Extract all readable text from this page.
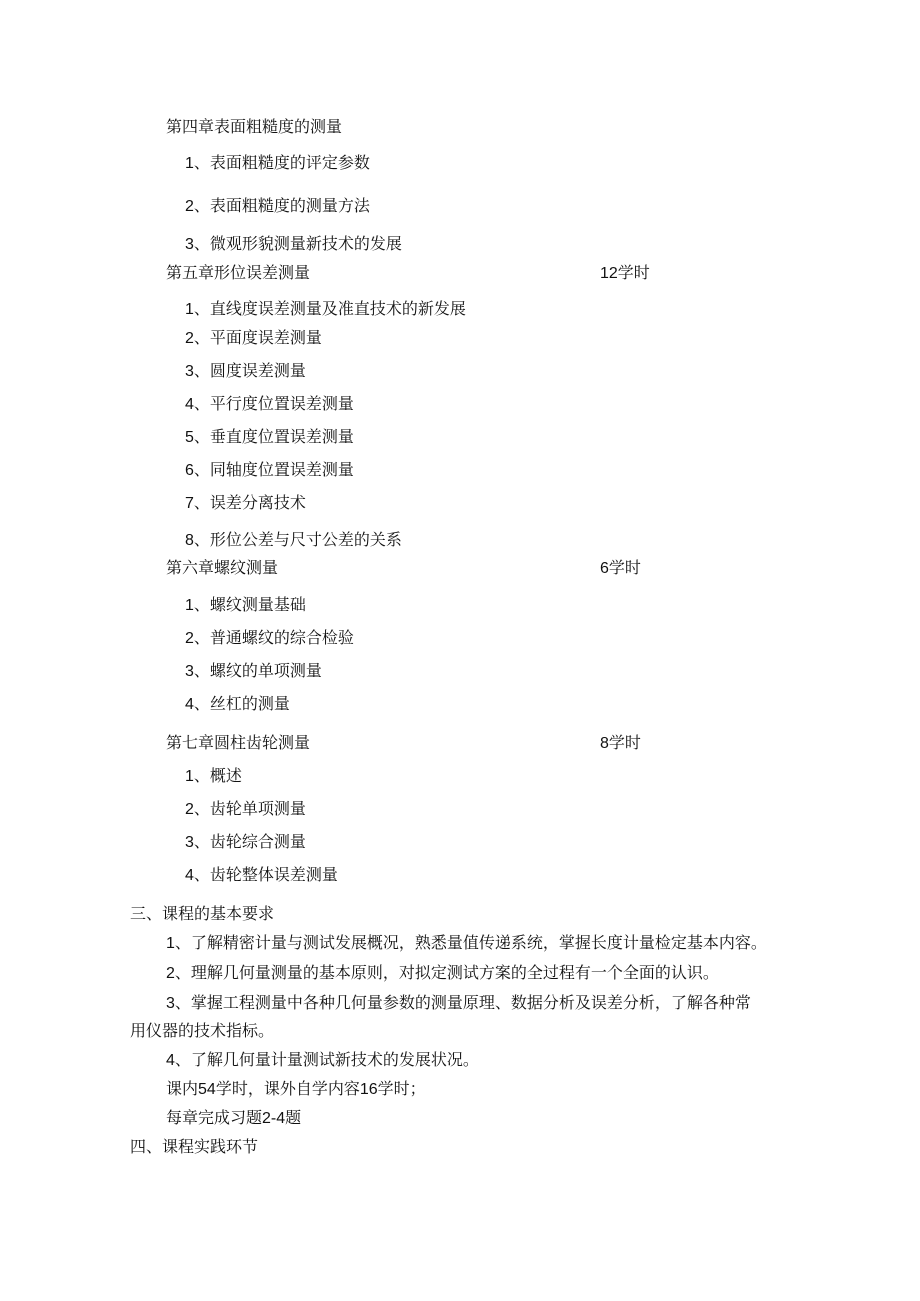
第四章表面粗糙度的测量
1、表面粗糙度的评定参数
2、表面粗糙度的测量方法
3、微观形貌测量新技术的发展
第五章形位误差测量	12学时
1、直线度误差测量及准直技术的新发展
2、平面度误差测量
3、圆度误差测量
4、平行度位置误差测量
5、垂直度位置误差测量
6、同轴度位置误差测量
7、误差分离技术
8、形位公差与尺寸公差的关系
第六章螺纹测量	6学时
1、螺纹测量基础
2、普通螺纹的综合检验
3、螺纹的单项测量
4、丝杠的测量
第七章圆柱齿轮测量	8学时
1、概述
2、齿轮单项测量
3、齿轮综合测量
4、齿轮整体误差测量
三、课程的基本要求
1、了解精密计量与测试发展概况，熟悉量值传递系统，掌握长度计量检定基本内容。
2、理解几何量测量的基本原则，对拟定测试方案的全过程有一个全面的认识。
3、掌握工程测量中各种几何量参数的测量原理、数据分析及误差分析，了解各种常
用仪器的技术指标。
4、了解几何量计量测试新技术的发展状况。
课内54学时，课外自学内容16学时；
每章完成习题2-4题
四、课程实践环节
